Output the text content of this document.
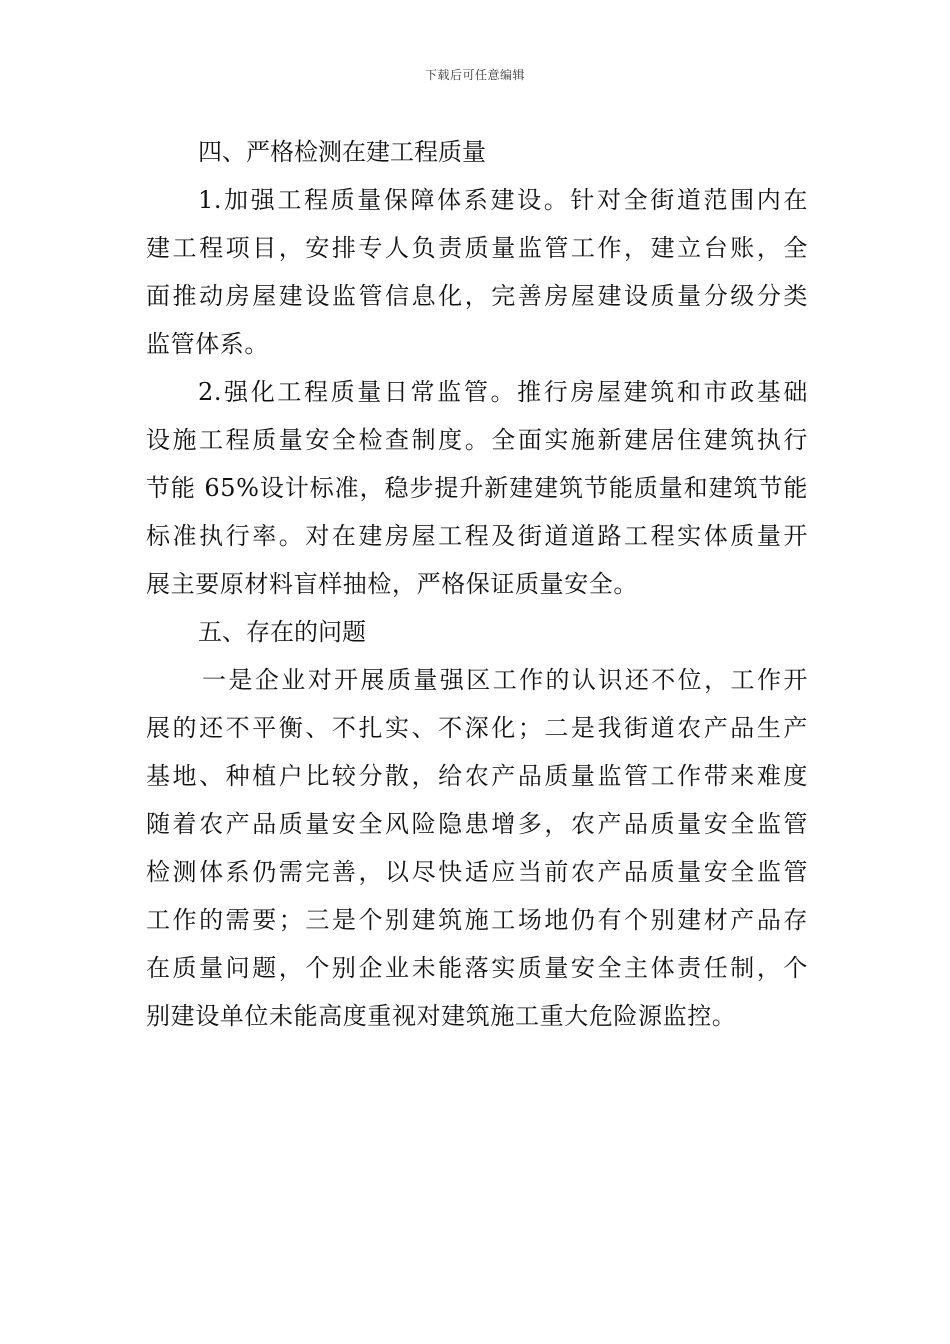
下载后可任意编辑
四、严格检测在建工程质量
1.加强工程质量保障体系建设。针对全街道范围内在
建工程项目，安排专人负责质量监管工作，建立台账，全
面推动房屋建设监管信息化，完善房屋建设质量分级分类
监管体系。
2.强化工程质量日常监管。推行房屋建筑和市政基础
设施工程质量安全检查制度。全面实施新建居住建筑执行
节能 65%设计标准，稳步提升新建建筑节能质量和建筑节能
标准执行率。对在建房屋工程及街道道路工程实体质量开
展主要原材料盲样抽检，严格保证质量安全。
五、存在的问题
一是企业对开展质量强区工作的认识还不位，工作开
展的还不平衡、不扎实、不深化；二是我街道农产品生产
基地、种植户比较分散，给农产品质量监管工作带来难度
随着农产品质量安全风险隐患增多，农产品质量安全监管
检测体系仍需完善，以尽快适应当前农产品质量安全监管
工作的需要；三是个别建筑施工场地仍有个别建材产品存
在质量问题，个别企业未能落实质量安全主体责任制，个
别建设单位未能高度重视对建筑施工重大危险源监控。
